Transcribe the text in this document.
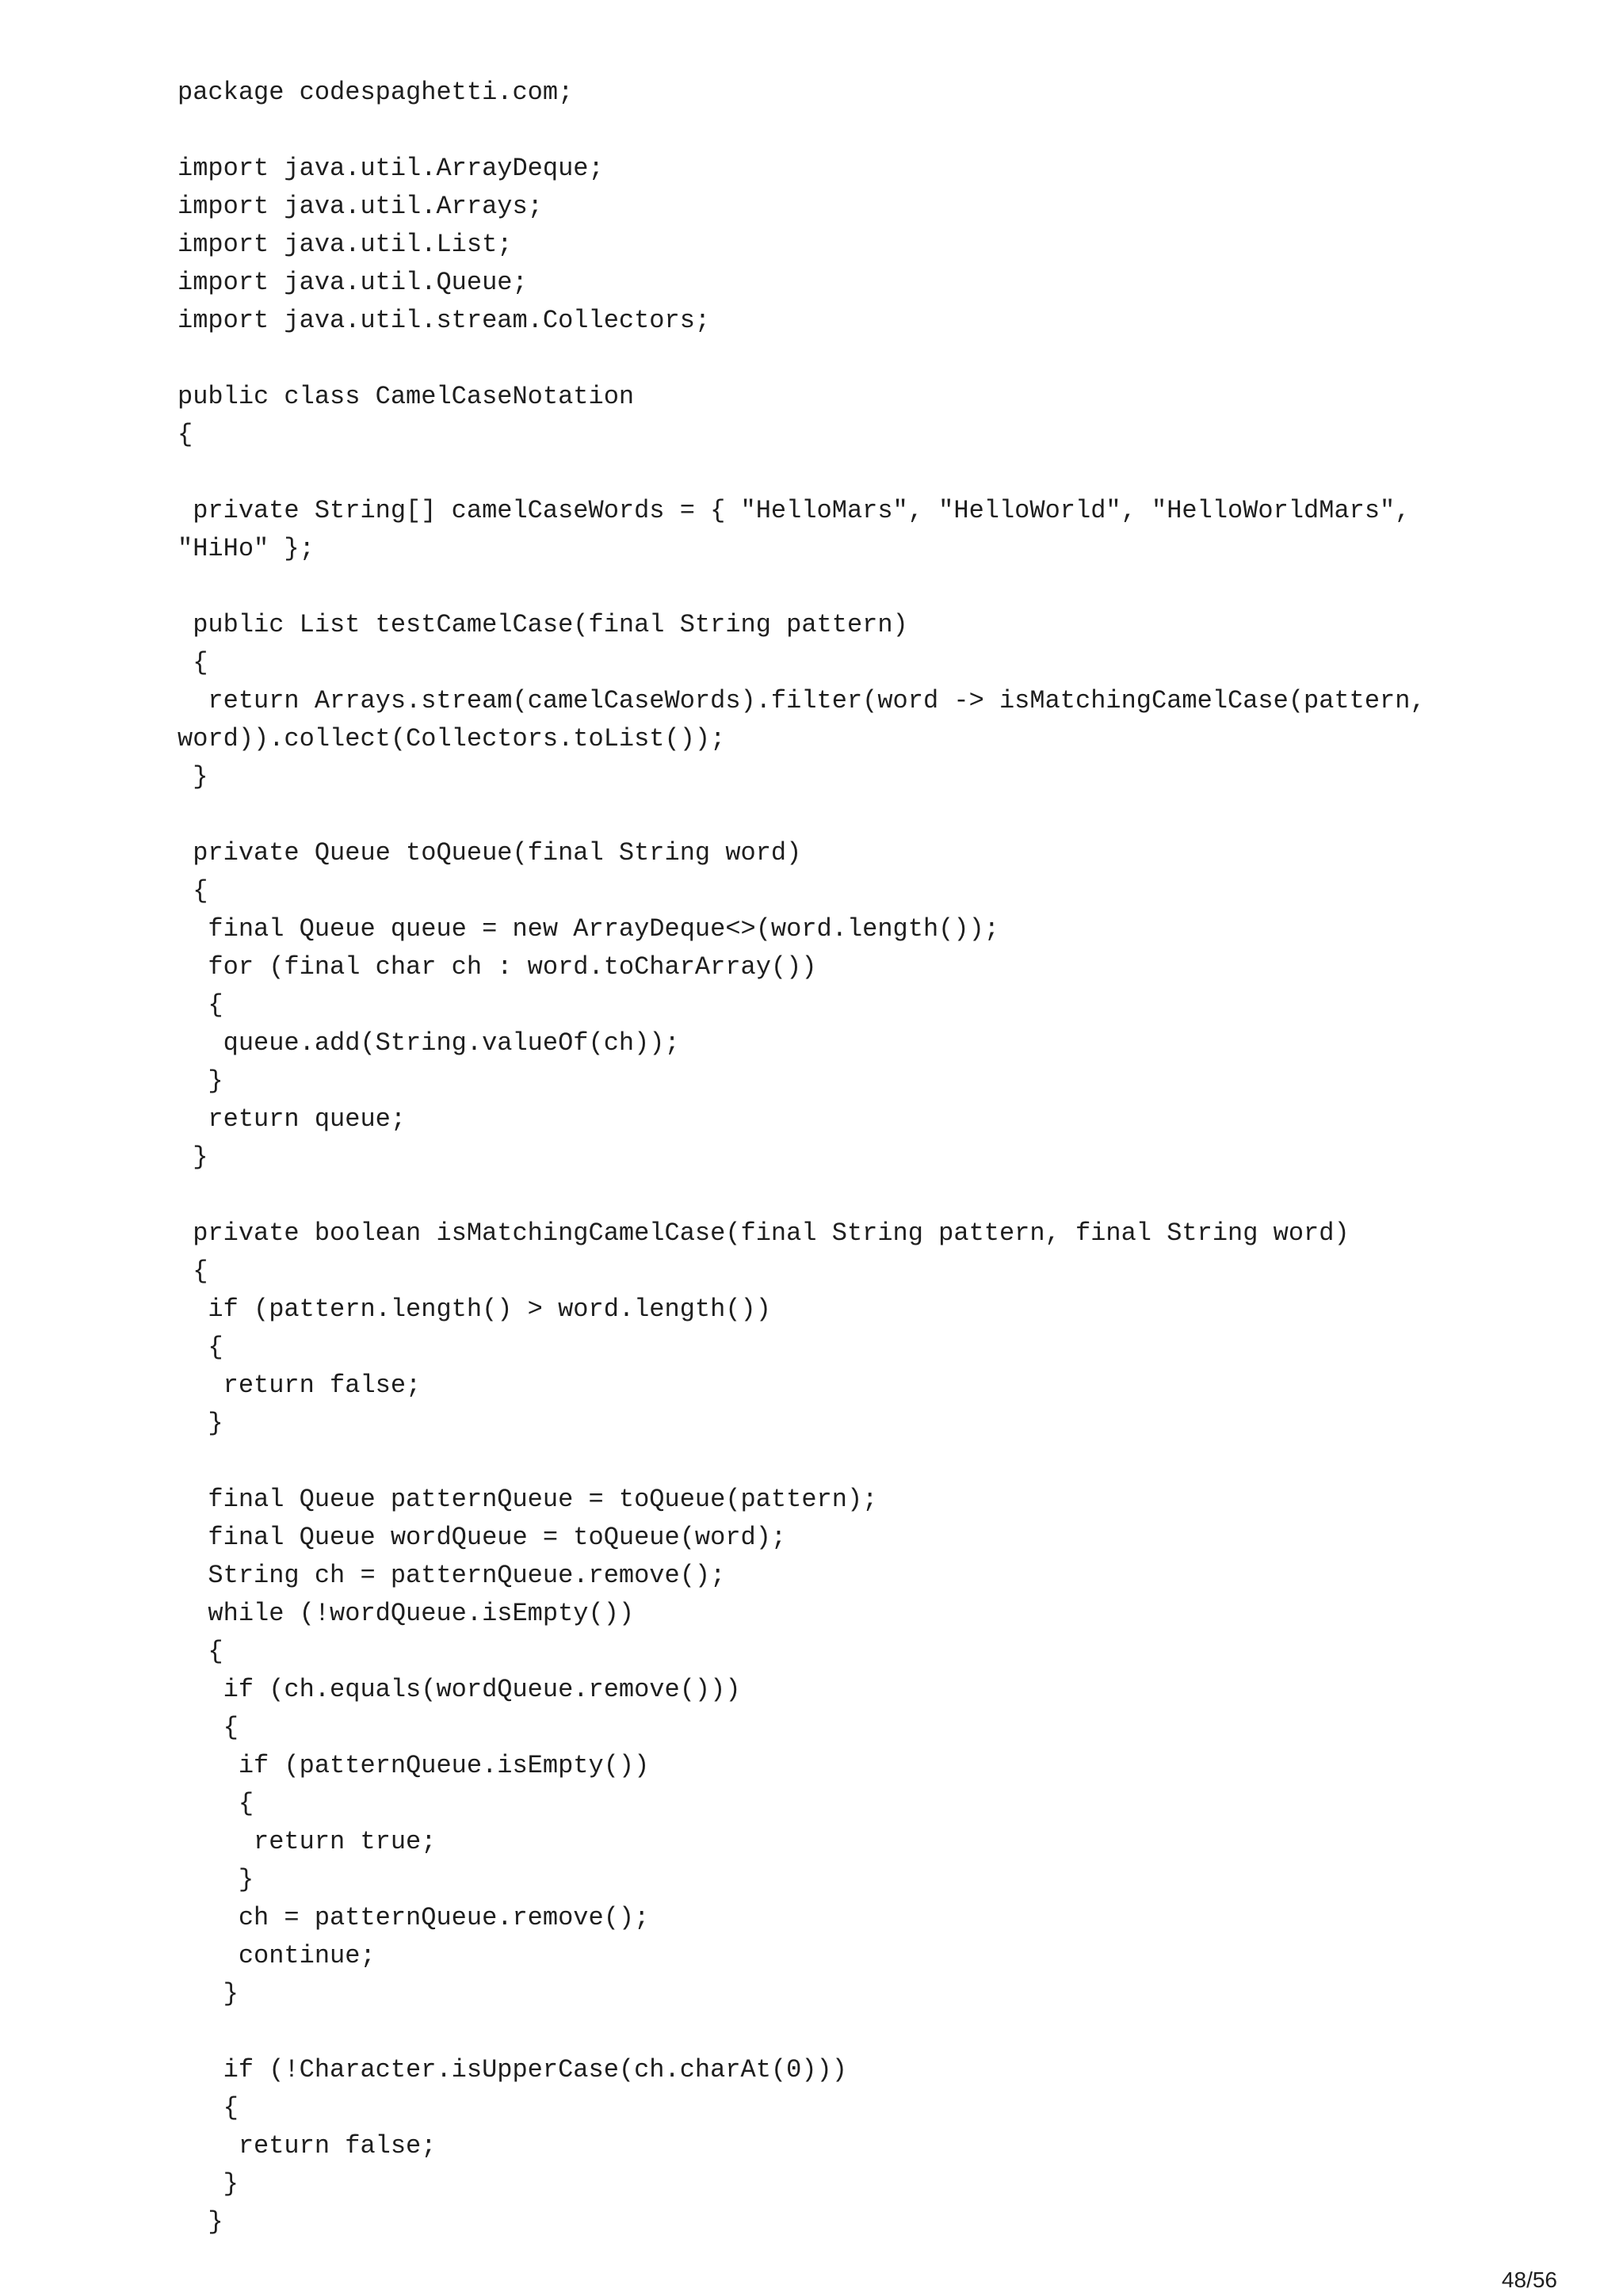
package codespaghetti.com;
import java.util.ArrayDeque;
import java.util.Arrays;
import java.util.List;
import java.util.Queue;
import java.util.stream.Collectors;
public class CamelCaseNotation
{
private String[] camelCaseWords = { "HelloMars", "HelloWorld", "HelloWorldMars",
"HiHo" };
public List testCamelCase(final String pattern)
{
return Arrays.stream(camelCaseWords).filter(word -> isMatchingCamelCase(pattern,
word)).collect(Collectors.toList());
}
private Queue toQueue(final String word)
{
final Queue queue = new ArrayDeque<>(word.length());
for (final char ch : word.toCharArray())
{
queue.add(String.valueOf(ch));
}
return queue;
}
private boolean isMatchingCamelCase(final String pattern, final String word)
{
if (pattern.length() > word.length())
{
return false;
}
final Queue patternQueue = toQueue(pattern);
final Queue wordQueue = toQueue(word);
String ch = patternQueue.remove();
while (!wordQueue.isEmpty())
{
if (ch.equals(wordQueue.remove()))
{
if (patternQueue.isEmpty())
{
return true;
}
ch = patternQueue.remove();
continue;
}
if (!Character.isUpperCase(ch.charAt(0)))
{
return false;
}
}
48/56
